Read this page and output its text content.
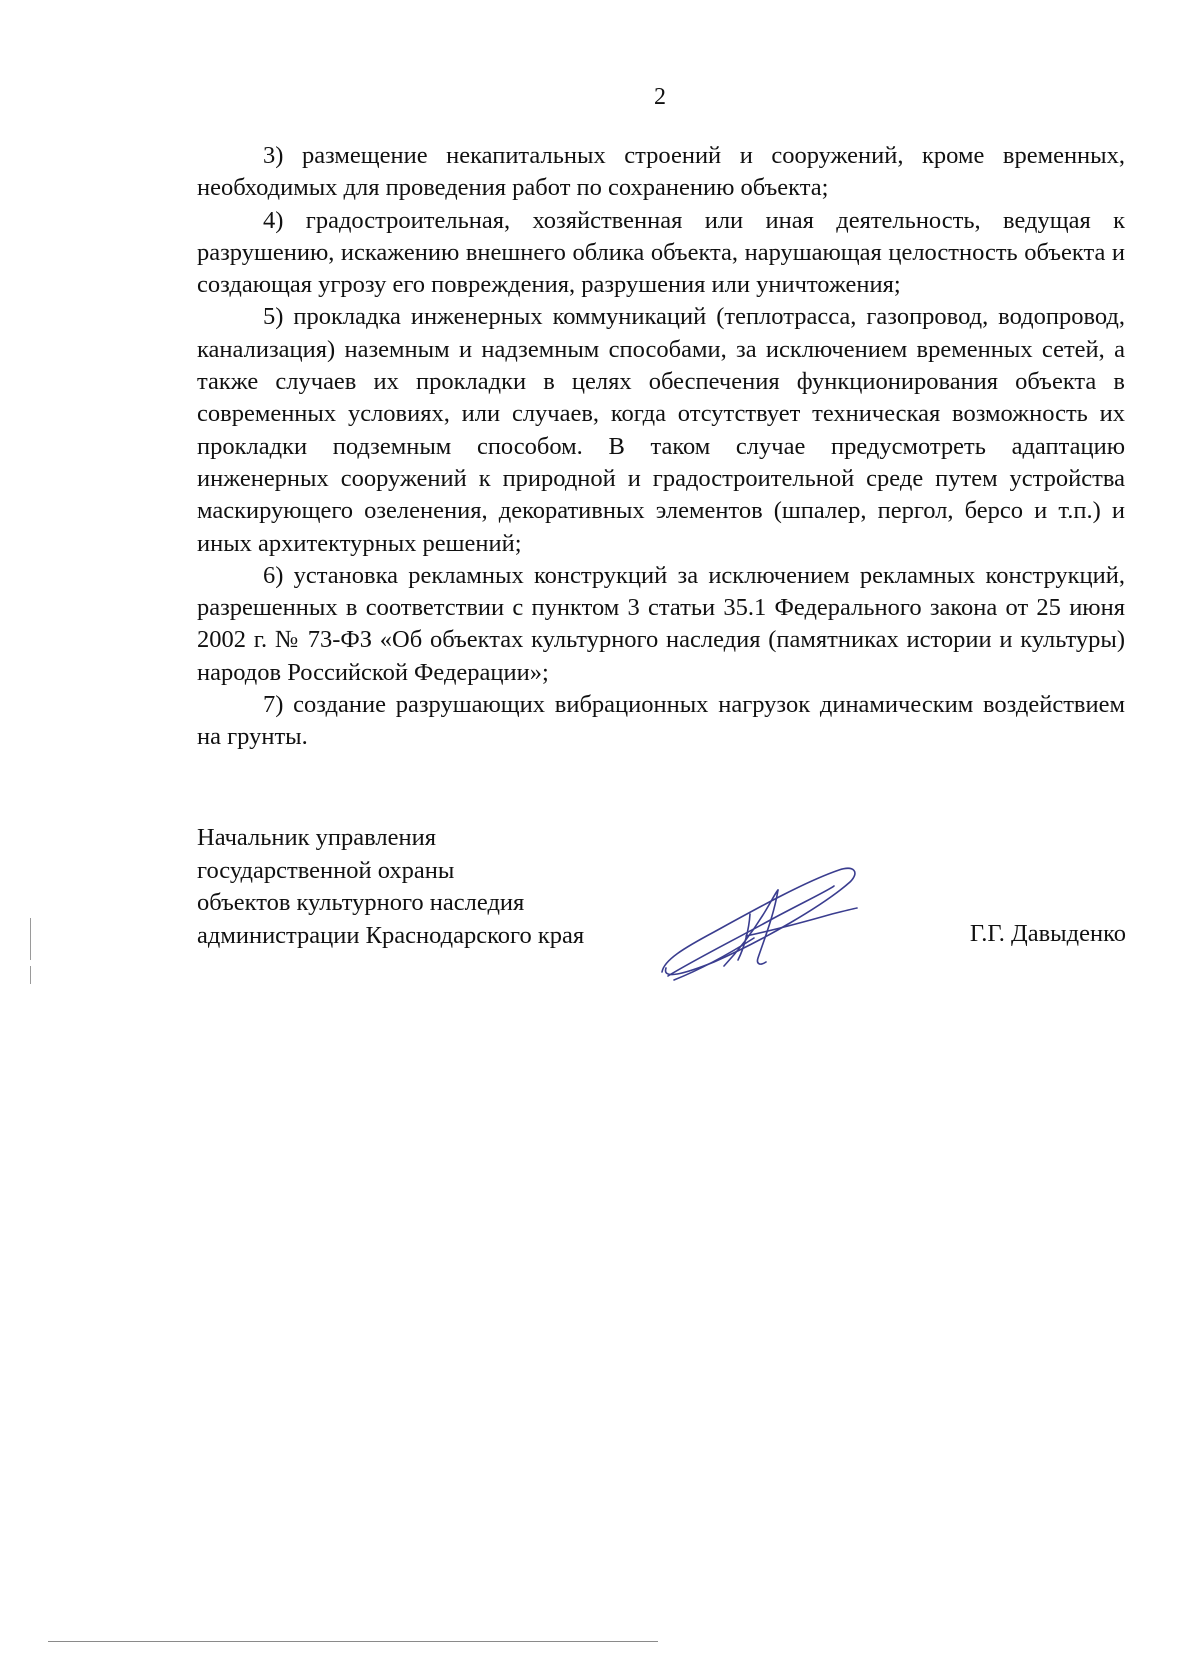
2

3) размещение некапитальных строений и сооружений, кроме временных, необходимых для проведения работ по сохранению объекта;

4) градостроительная, хозяйственная или иная деятельность, ведущая к разрушению, искажению внешнего облика объекта, нарушающая целостность объекта и создающая угрозу его повреждения, разрушения или уничтожения;

5) прокладка инженерных коммуникаций (теплотрасса, газопровод, водопровод, канализация) наземным и надземным способами, за исключением временных сетей, а также случаев их прокладки в целях обеспечения функционирования объекта в современных условиях, или случаев, когда отсутствует техническая возможность их прокладки подземным способом. В таком случае предусмотреть адаптацию инженерных сооружений к природной и градостроительной среде путем устройства маскирующего озеленения, декоративных элементов (шпалер, пергол, берсо и т.п.) и иных архитектурных решений;

6) установка рекламных конструкций за исключением рекламных конструкций, разрешенных в соответствии с пунктом 3 статьи 35.1 Федерального закона от 25 июня 2002 г. № 73-ФЗ «Об объектах культурного наследия (памятниках истории и культуры) народов Российской Федерации»;

7) создание разрушающих вибрационных нагрузок динамическим воздействием на грунты.

Начальник управления
государственной охраны
объектов культурного наследия
администрации Краснодарского края	Г.Г. Давыденко
